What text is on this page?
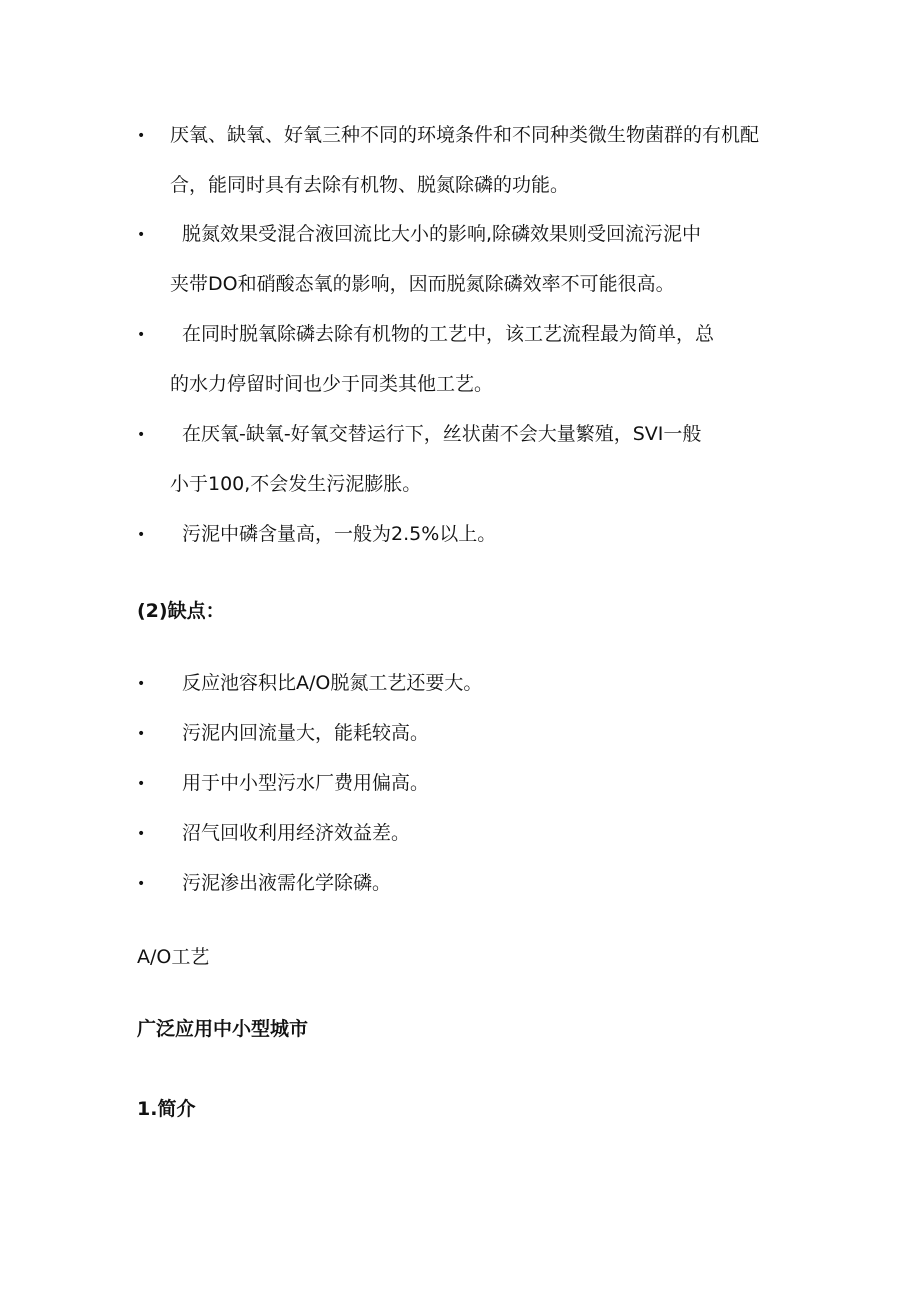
• 厌氧、缺氧、好氧三种不同的环境条件和不同种类微生物菌群的有机配
合，能同时具有去除有机物、脱氮除磷的功能。
• 脱氮效果受混合液回流比大小的影响,除磷效果则受回流污泥中
夹带DO和硝酸态氧的影响，因而脱氮除磷效率不可能很高。
• 在同时脱氧除磷去除有机物的工艺中，该工艺流程最为简单，总
的水力停留时间也少于同类其他工艺。
• 在厌氧-缺氧-好氧交替运行下，丝状菌不会大量繁殖，SVI一般
小于100,不会发生污泥膨胀。
• 污泥中磷含量高，一般为2.5%以上。
(2)缺点：
• 反应池容积比A/O脱氮工艺还要大。
• 污泥内回流量大，能耗较高。
• 用于中小型污水厂费用偏高。
• 沼气回收利用经济效益差。
• 污泥渗出液需化学除磷。
A/O工艺
广泛应用中小型城市
1.简介
